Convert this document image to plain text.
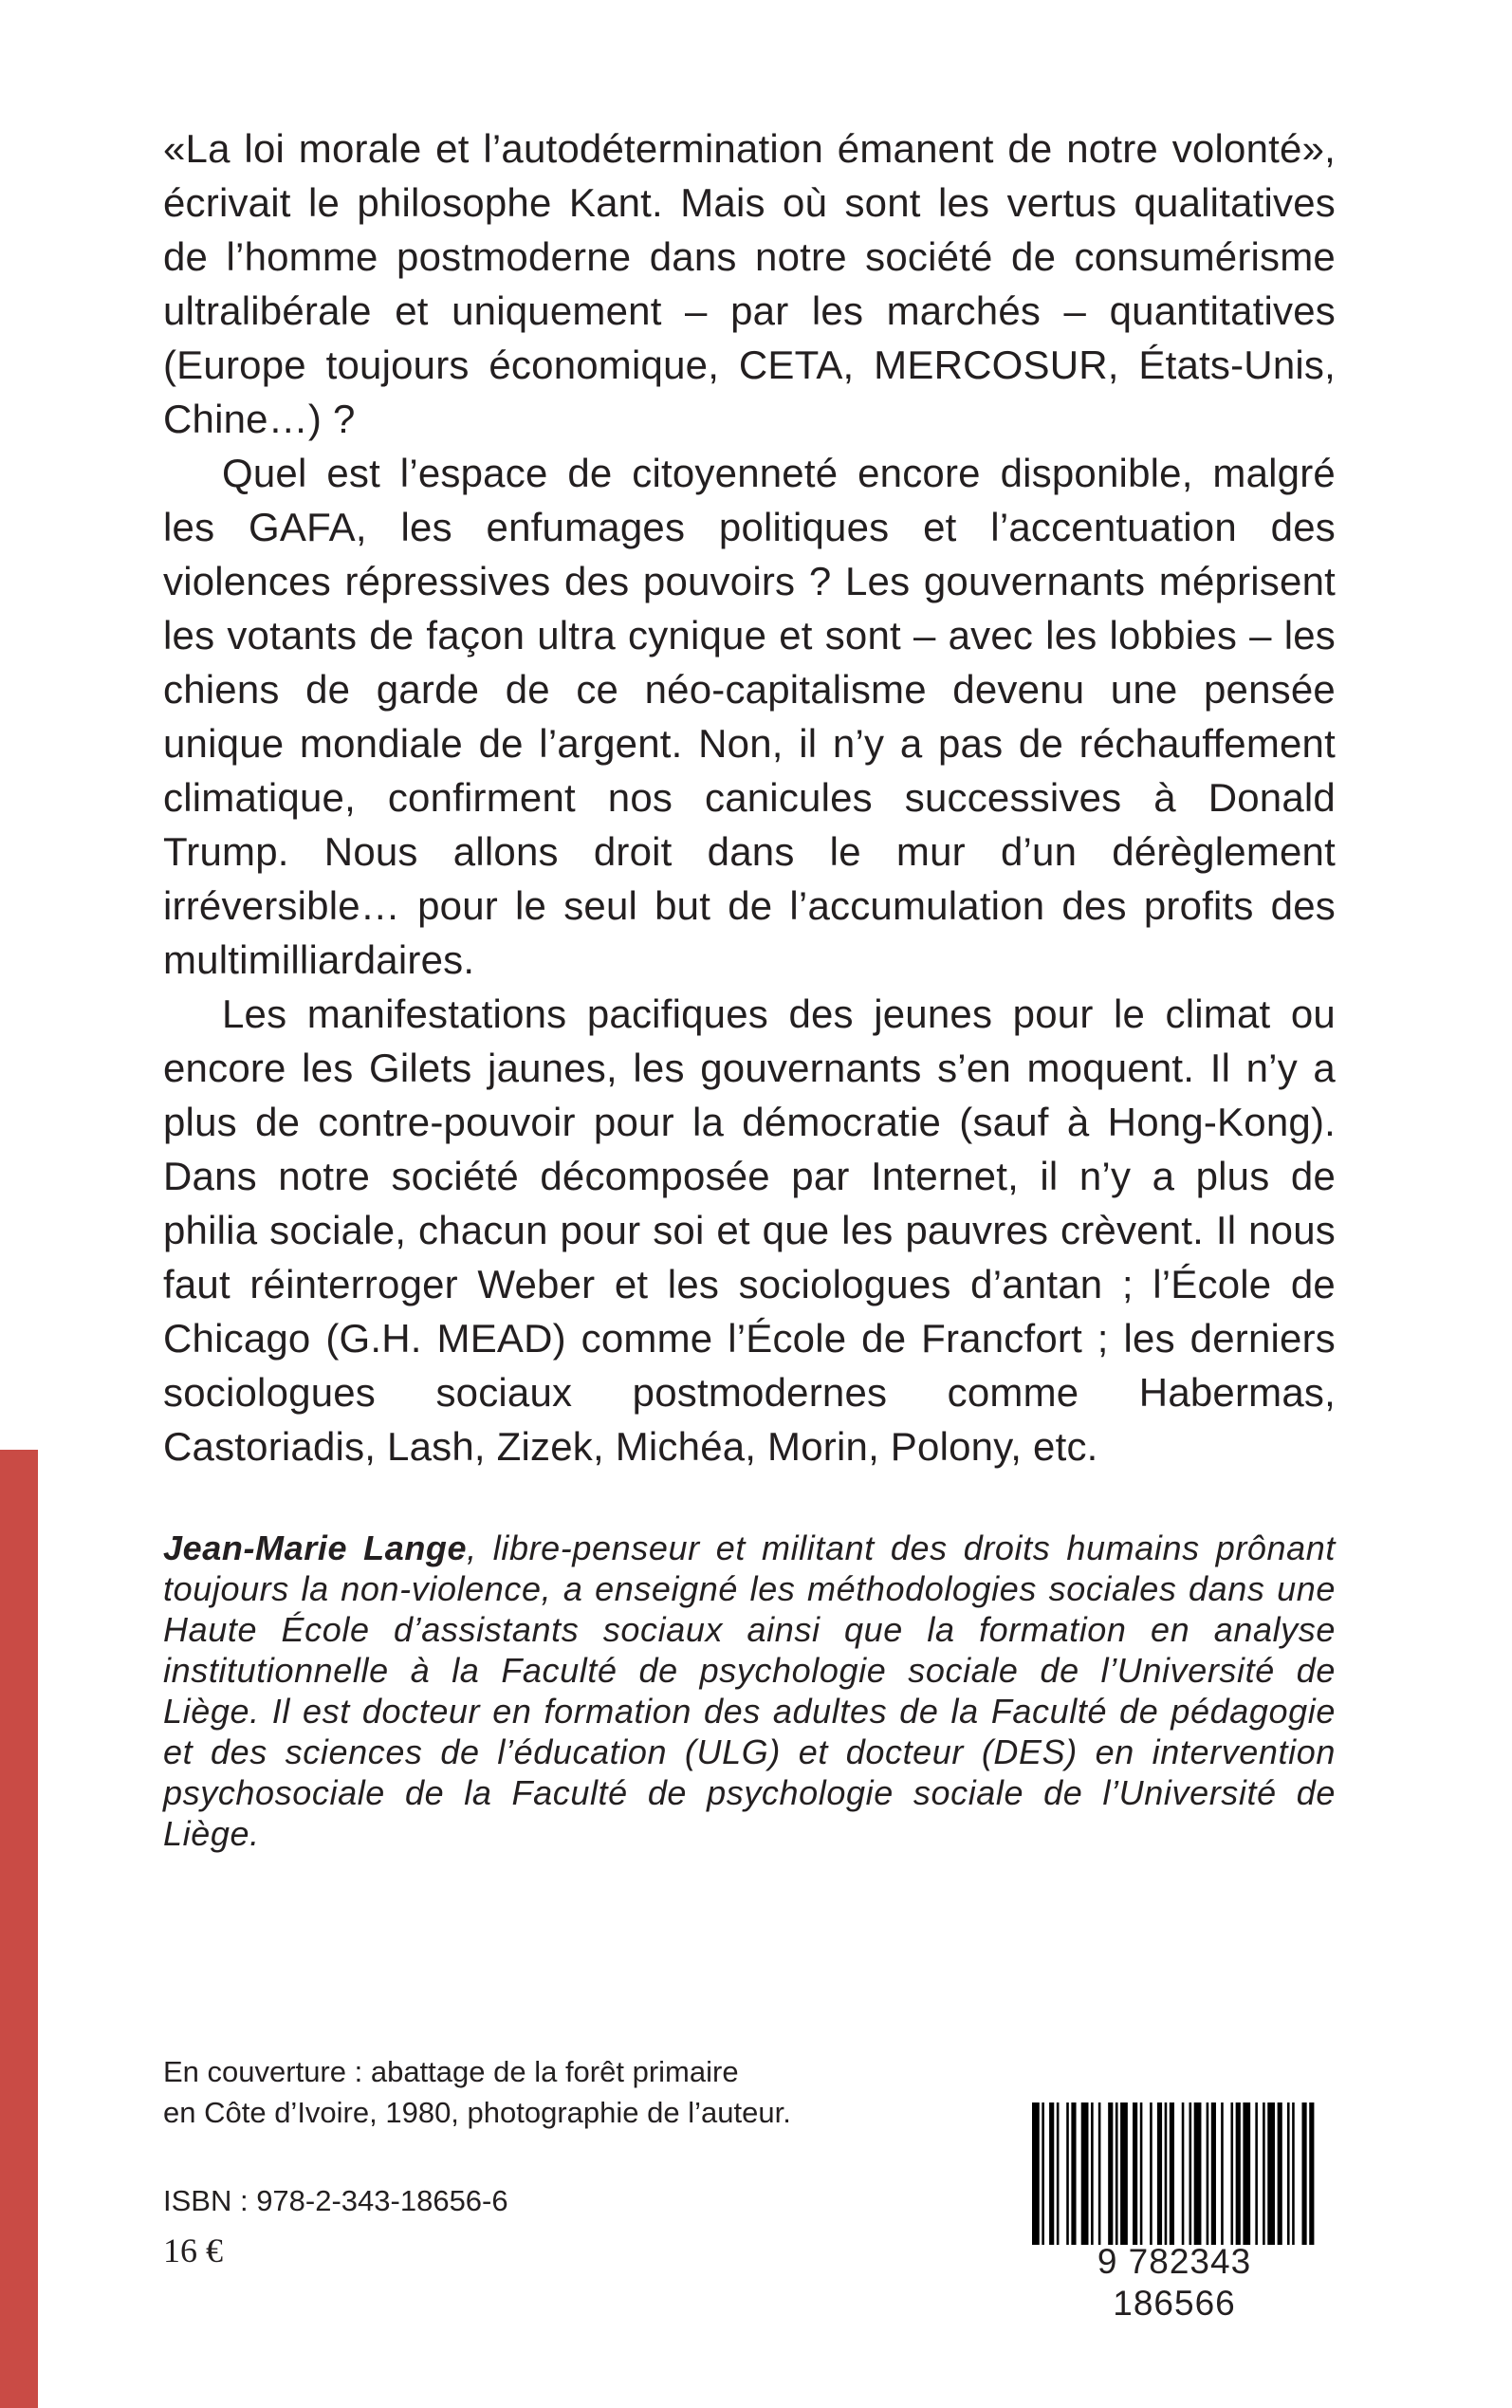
«La loi morale et l’autodétermination émanent de notre volonté», écrivait le philosophe Kant. Mais où sont les vertus qualitatives de l’homme postmoderne dans notre société de consumérisme ultralibérale et uniquement – par les marchés – quantitatives (Europe toujours économique, CETA, MERCOSUR, États-Unis, Chine…) ?

Quel est l’espace de citoyenneté encore disponible, malgré les GAFA, les enfumages politiques et l’accentuation des violences répressives des pouvoirs ? Les gouvernants méprisent les votants de façon ultra cynique et sont – avec les lobbies – les chiens de garde de ce néo-capitalisme devenu une pensée unique mondiale de l’argent. Non, il n’y a pas de réchauffement climatique, confirment nos canicules successives à Donald Trump. Nous allons droit dans le mur d’un dérèglement irréversible… pour le seul but de l’accumulation des profits des multimilliardaires.

Les manifestations pacifiques des jeunes pour le climat ou encore les Gilets jaunes, les gouvernants s’en moquent. Il n’y a plus de contre-pouvoir pour la démocratie (sauf à Hong-Kong). Dans notre société décomposée par Internet, il n’y a plus de philia sociale, chacun pour soi et que les pauvres crèvent. Il nous faut réinterroger Weber et les sociologues d’antan ; l’École de Chicago (G.H. MEAD) comme l’École de Francfort ; les derniers sociologues sociaux postmodernes comme Habermas, Castoriadis, Lash, Zizek, Michéa, Morin, Polony, etc.

Jean-Marie Lange, libre-penseur et militant des droits humains prônant toujours la non-violence, a enseigné les méthodologies sociales dans une Haute École d’assistants sociaux ainsi que la formation en analyse institutionnelle à la Faculté de psychologie sociale de l’Université de Liège. Il est docteur en formation des adultes de la Faculté de pédagogie et des sciences de l’éducation (ULG) et docteur (DES) en intervention psychosociale de la Faculté de psychologie sociale de l’Université de Liège.
En couverture : abattage de la forêt primaire
en Côte d’Ivoire, 1980, photographie de l’auteur.
ISBN : 978-2-343-18656-6
16 €	9 782343 186566
